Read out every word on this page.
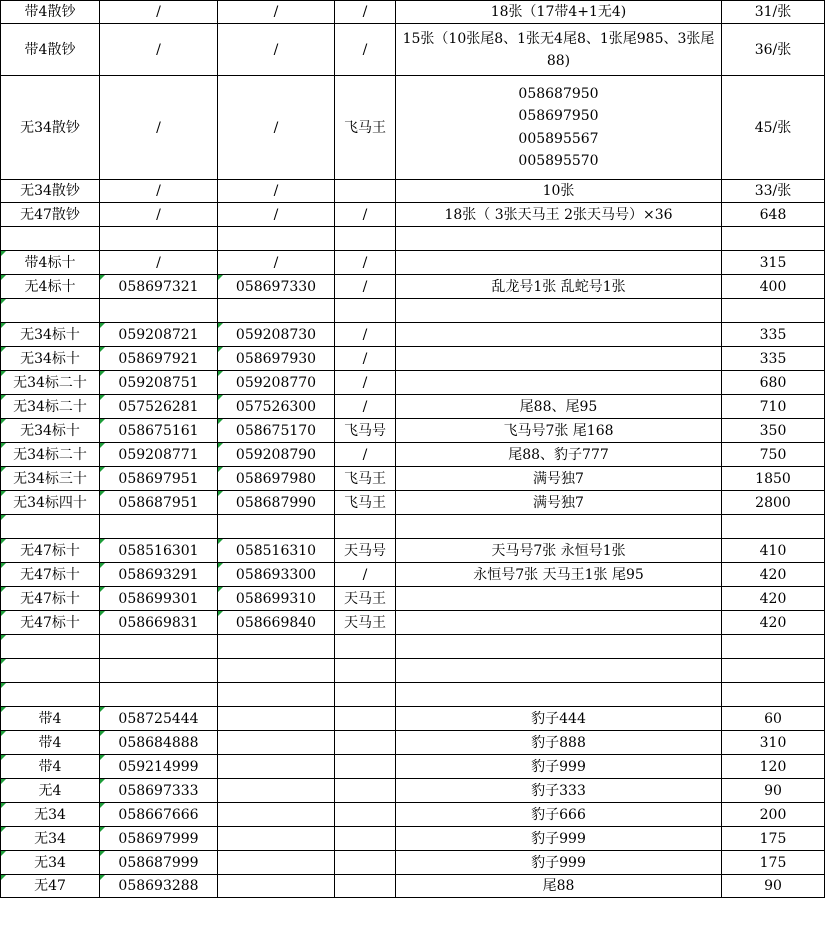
带4散钞	/	/	/	18张（17带4+1无4)	31/张
带4散钞	/	/	/	15张（10张尾8、1张无4尾8、1张尾985、3张尾88)	36/张
无34散钞	/	/	飞马王	058687950
058697950
005895567
005895570	45/张
无34散钞	/	/		10张	33/张
无47散钞	/	/	/	18张（ 3张天马王 2张天马号）×36	648

带4标十	/	/	/		315
无4标十	058697321	058697330	/	乱龙号1张 乱蛇号1张	400

无34标十	059208721	059208730	/		335
无34标十	058697921	058697930	/		335
无34标二十	059208751	059208770	/		680
无34标二十	057526281	057526300	/	尾88、尾95	710
无34标十	058675161	058675170	飞马号	飞马号7张 尾168	350
无34标二十	059208771	059208790	/	尾88、豹子777	750
无34标三十	058697951	058697980	飞马王	满号独7	1850
无34标四十	058687951	058687990	飞马王	满号独7	2800

无47标十	058516301	058516310	天马号	天马号7张 永恒号1张	410
无47标十	058693291	058693300	/	永恒号7张 天马王1张 尾95	420
无47标十	058699301	058699310	天马王		420
无47标十	058669831	058669840	天马王		420

带4	058725444			豹子444	60
带4	058684888			豹子888	310
带4	059214999			豹子999	120
无4	058697333			豹子333	90
无34	058667666			豹子666	200
无34	058697999			豹子999	175
无34	058687999			豹子999	175
无47	058693288			尾88	90
